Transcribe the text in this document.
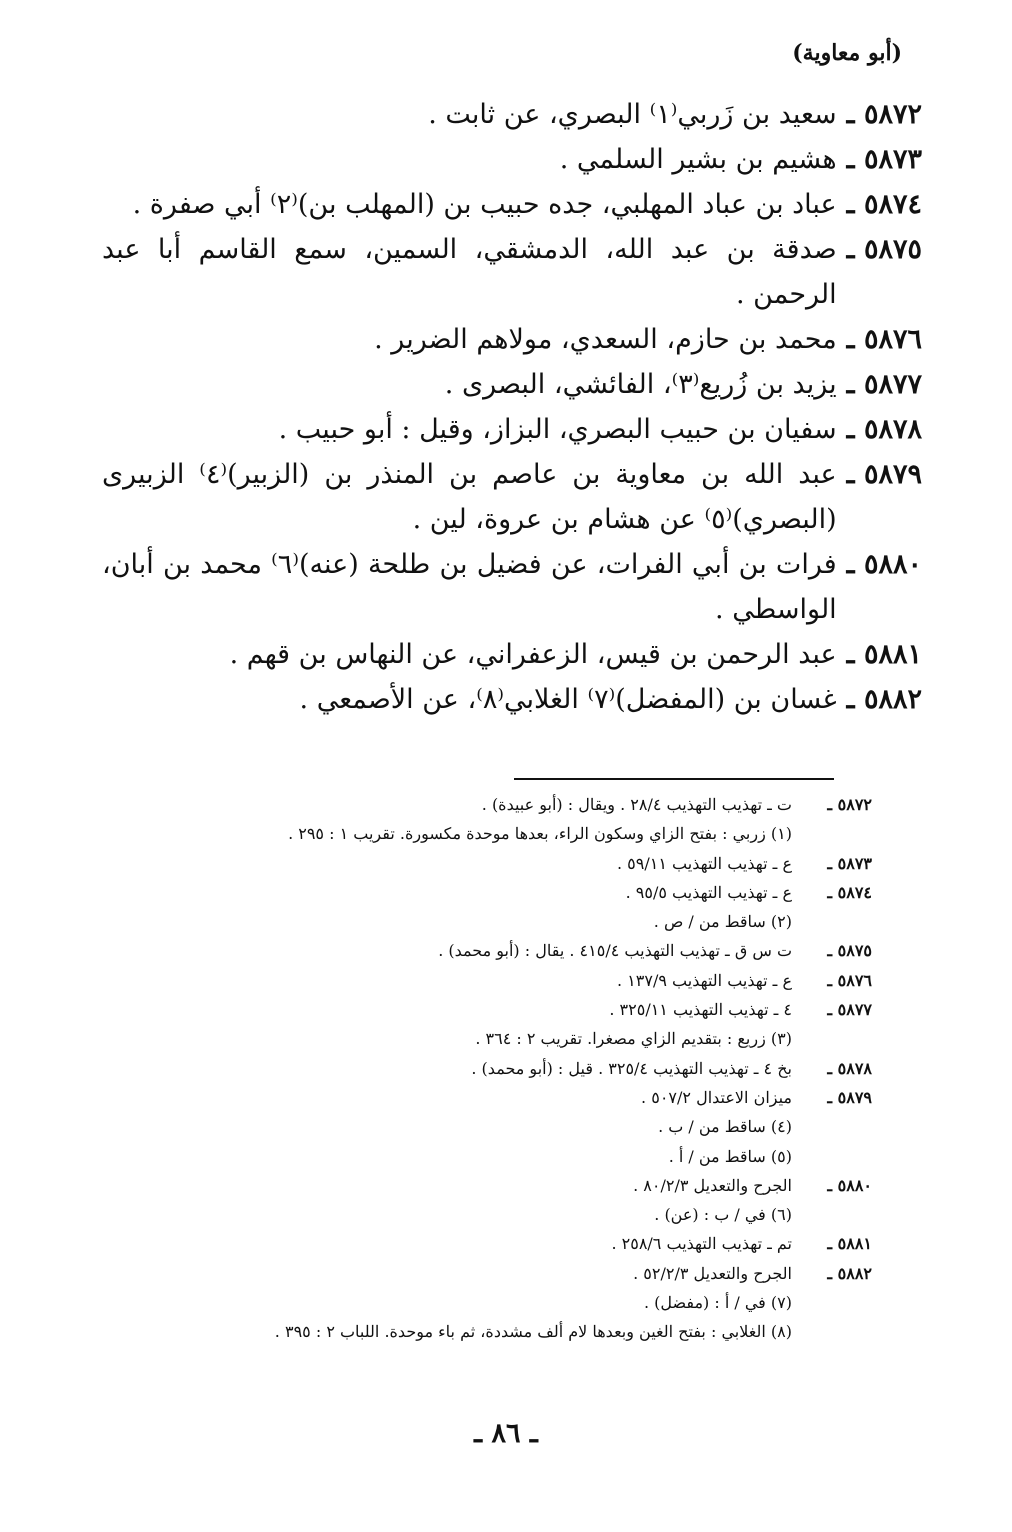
(أبو معاوية)
٥٨٧٢ ـ
سعيد بن زَربي⁽١⁾ البصري، عن ثابت .
٥٨٧٣ ـ
هشيم بن بشير السلمي .
٥٨٧٤ ـ
عباد بن عباد المهلبي، جده حبيب بن (المهلب بن)⁽٢⁾ أبي صفرة .
٥٨٧٥ ـ
صدقة بن عبد الله، الدمشقي، السمين، سمع القاسم أبا عبد الرحمن .
٥٨٧٦ ـ
محمد بن حازم، السعدي، مولاهم الضرير .
٥٨٧٧ ـ
يزيد بن زُريع⁽٣⁾، الفائشي، البصرى .
٥٨٧٨ ـ
سفيان بن حبيب البصري، البزاز، وقيل : أبو حبيب .
٥٨٧٩ ـ
عبد الله بن معاوية بن عاصم بن المنذر بن (الزبير)⁽٤⁾ الزبيرى (البصري)⁽٥⁾ عن هشام بن عروة، لين .
٥٨٨٠ ـ
فرات بن أبي الفرات، عن فضيل بن طلحة (عنه)⁽٦⁾ محمد بن أبان، الواسطي .
٥٨٨١ ـ
عبد الرحمن بن قيس، الزعفراني، عن النهاس بن قهم .
٥٨٨٢ ـ
غسان بن (المفضل)⁽٧⁾ الغلابي⁽٨⁾، عن الأصمعي .
٥٨٧٢ ـ
ت ـ تهذيب التهذيب ٢٨/٤ . ويقال : (أبو عبيدة) .
(١) زربي : بفتح الزاي وسكون الراء، بعدها موحدة مكسورة. تقريب ١ : ٢٩٥ .
٥٨٧٣ ـ
ع ـ تهذيب التهذيب ٥٩/١١ .
٥٨٧٤ ـ
ع ـ تهذيب التهذيب ٩٥/٥ .
(٢) ساقط من / ص .
٥٨٧٥ ـ
ت س ق ـ تهذيب التهذيب ٤١٥/٤ . يقال : (أبو محمد) .
٥٨٧٦ ـ
ع ـ تهذيب التهذيب ١٣٧/٩ .
٥٨٧٧ ـ
٤ ـ تهذيب التهذيب ٣٢٥/١١ .
(٣) زريع : بتقديم الزاي مصغرا. تقريب ٢ : ٣٦٤ .
٥٨٧٨ ـ
بخ ٤ ـ تهذيب التهذيب ٣٢٥/٤ . قيل : (أبو محمد) .
٥٨٧٩ ـ
ميزان الاعتدال ٥٠٧/٢ .
(٤) ساقط من / ب .
(٥) ساقط من / أ .
٥٨٨٠ ـ
الجرح والتعديل ٨٠/٢/٣ .
(٦) في / ب : (عن) .
٥٨٨١ ـ
تم ـ تهذيب التهذيب ٢٥٨/٦ .
٥٨٨٢ ـ
الجرح والتعديل ٥٢/٢/٣ .
(٧) في / أ : (مفضل) .
(٨) الغلابي : بفتح الغين وبعدها لام ألف مشددة، ثم باء موحدة. اللباب ٢ : ٣٩٥ .
ـ ٨٦ ـ
